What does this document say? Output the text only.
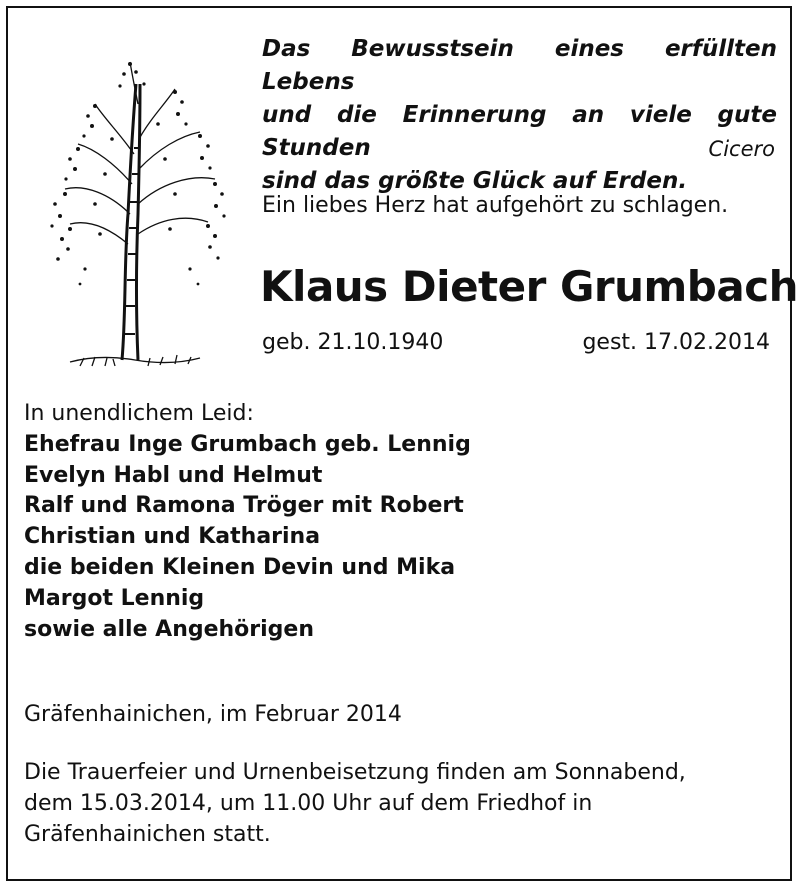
Das Bewusstsein eines erfüllten Lebens
und die Erinnerung an viele gute Stunden
sind das größte Glück auf Erden.
Cicero
Ein liebes Herz hat aufgehört zu schlagen.
Klaus Dieter Grumbach
geb. 21.10.1940	gest. 17.02.2014
In unendlichem Leid:
Ehefrau Inge Grumbach geb. Lennig
Evelyn Habl und Helmut
Ralf und Ramona Tröger mit Robert
Christian und Katharina
die beiden Kleinen Devin und Mika
Margot Lennig
sowie alle Angehörigen
Gräfenhainichen, im Februar 2014
Die Trauerfeier und Urnenbeisetzung finden am Sonnabend,
dem 15.03.2014, um 11.00 Uhr auf dem Friedhof in
Gräfenhainichen statt.
